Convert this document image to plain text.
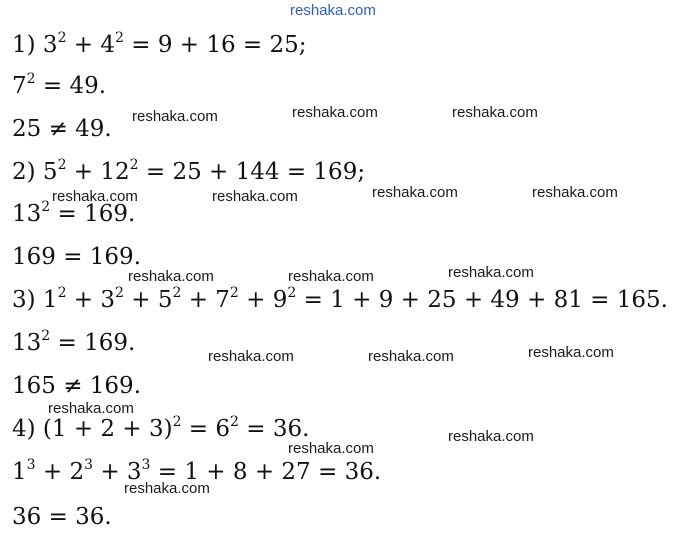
reshaka.com
1) $3^2 + 4^2 = 9 + 16 = 25$;
$7^2 = 49$.
25 ≠ 49.
2) $5^2 + 12^2 = 25 + 144 = 169$;
$13^2 = 169$.
169 = 169.
3) $1^2 + 3^2 + 5^2 + 7^2 + 9^2 = 1 + 9 + 25 + 49 + 81 = 165$.
$13^2 = 169$.
165 ≠ 169.
4) $(1 + 2 + 3)^2 = 6^2 = 36$.
$1^3 + 2^3 + 3^3 = 1 + 8 + 27 = 36$.
36 = 36.
reshaka.com	reshaka.com	reshaka.com
reshaka.com	reshaka.com	reshaka.com	reshaka.com
reshaka.com	reshaka.com	reshaka.com
reshaka.com	reshaka.com	reshaka.com
reshaka.com
reshaka.com
reshaka.com
reshaka.com
